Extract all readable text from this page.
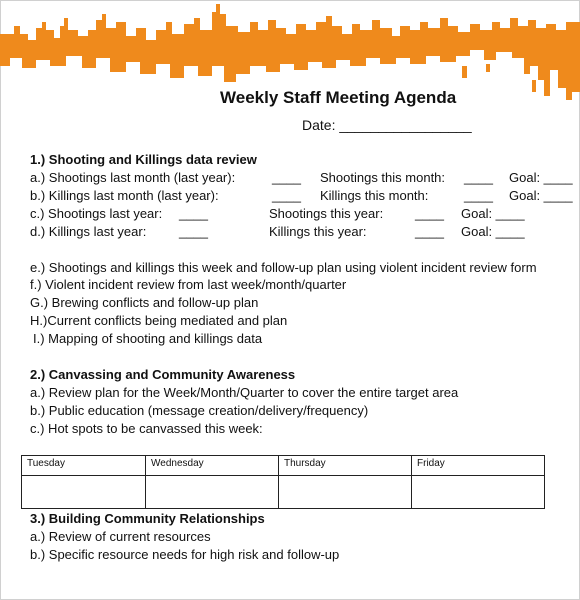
Weekly Staff Meeting Agenda
Date: _________________
1.) Shooting and Killings data review
a.) Shootings last month (last year):	____ Shootings this month: ____ Goal: ____
b.) Killings last month (last year):	____ Killings this month:	____ Goal: ____
c.) Shootings last year: ____	Shootings this year: ____ Goal: ____
d.) Killings last year:	____	Killings this year:	____ Goal: ____
e.) Shootings and killings this week and follow-up plan using violent incident review form
f.) Violent incident review from last week/month/quarter
G.) Brewing conflicts and follow-up plan
H.)Current conflicts being mediated and plan
I.) Mapping of shooting and killings data
2.) Canvassing and Community Awareness
a.) Review plan for the Week/Month/Quarter to cover the entire target area
b.) Public education (message creation/delivery/frequency)
c.) Hot spots to be canvassed this week:
Tuesday	Wednesday	Thursday	Friday

3.) Building Community Relationships
a.) Review of current resources
b.) Specific resource needs for high risk and follow-up
